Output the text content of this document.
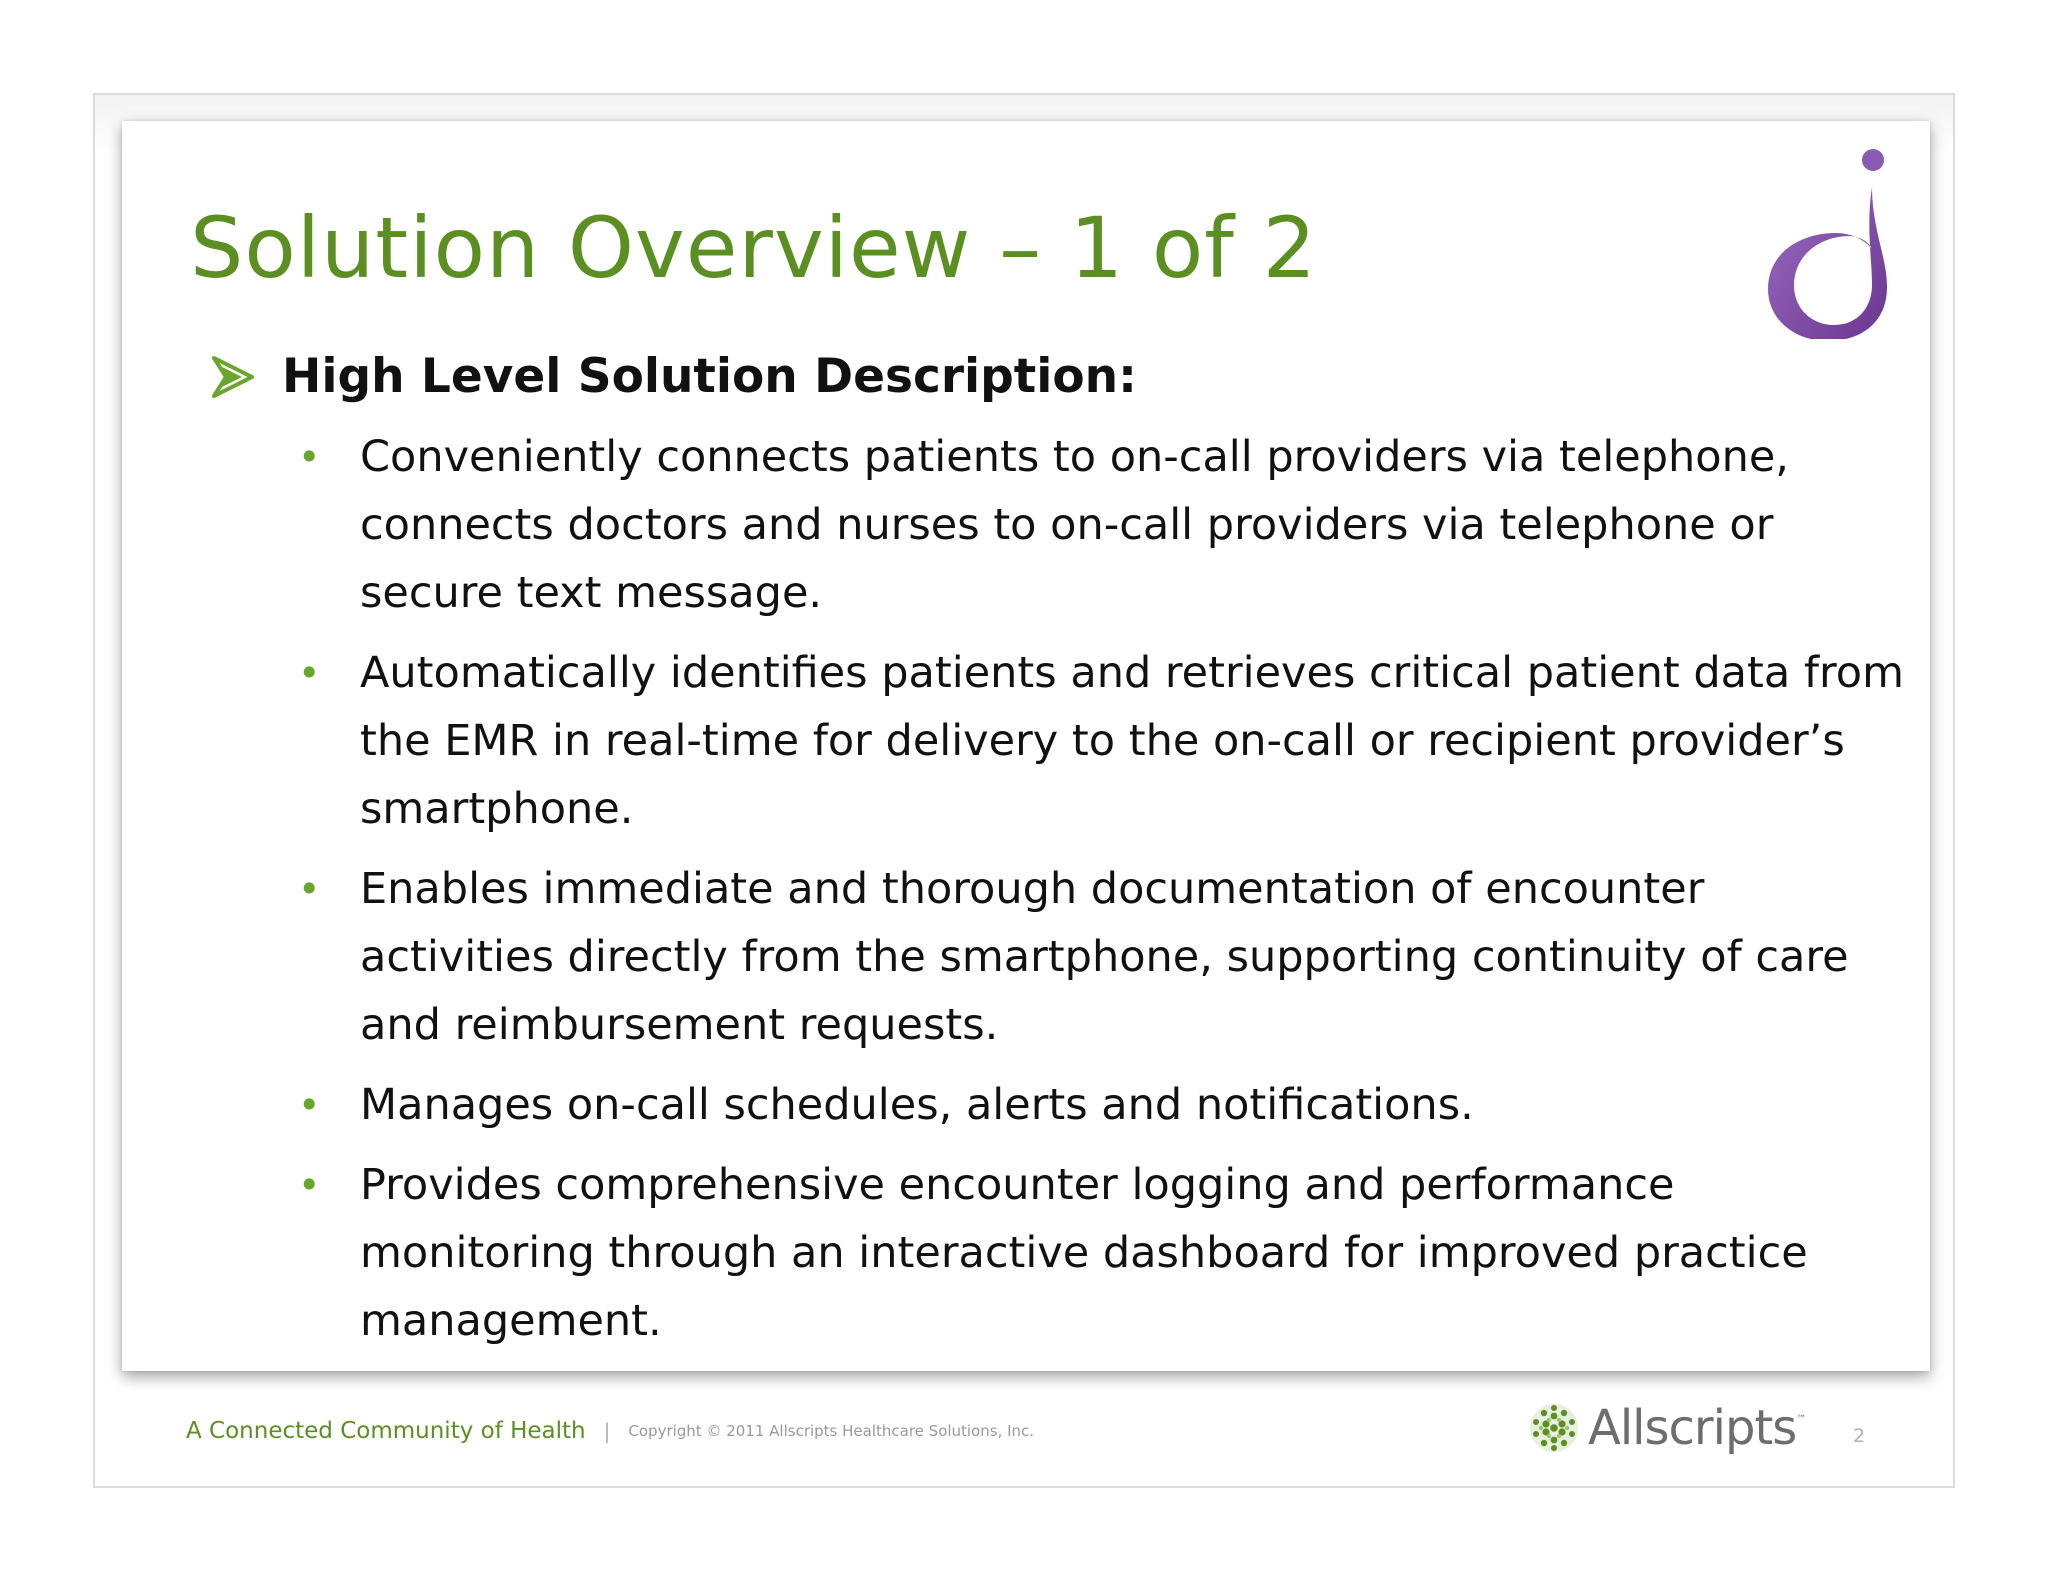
Solution Overview – 1 of 2
High Level Solution Description:
• Conveniently connects patients to on-call providers via telephone, connects doctors and nurses to on-call providers via telephone or secure text message.
• Automatically identifies patients and retrieves critical patient data from the EMR in real-time for delivery to the on-call or recipient provider’s smartphone.
• Enables immediate and thorough documentation of encounter activities directly from the smartphone, supporting continuity of care and reimbursement requests.
• Manages on-call schedules, alerts and notifications.
• Provides comprehensive encounter logging and performance monitoring through an interactive dashboard for improved practice management.
A Connected Community of Health | Copyright © 2011 Allscripts Healthcare Solutions, Inc.	Allscripts ™
2
